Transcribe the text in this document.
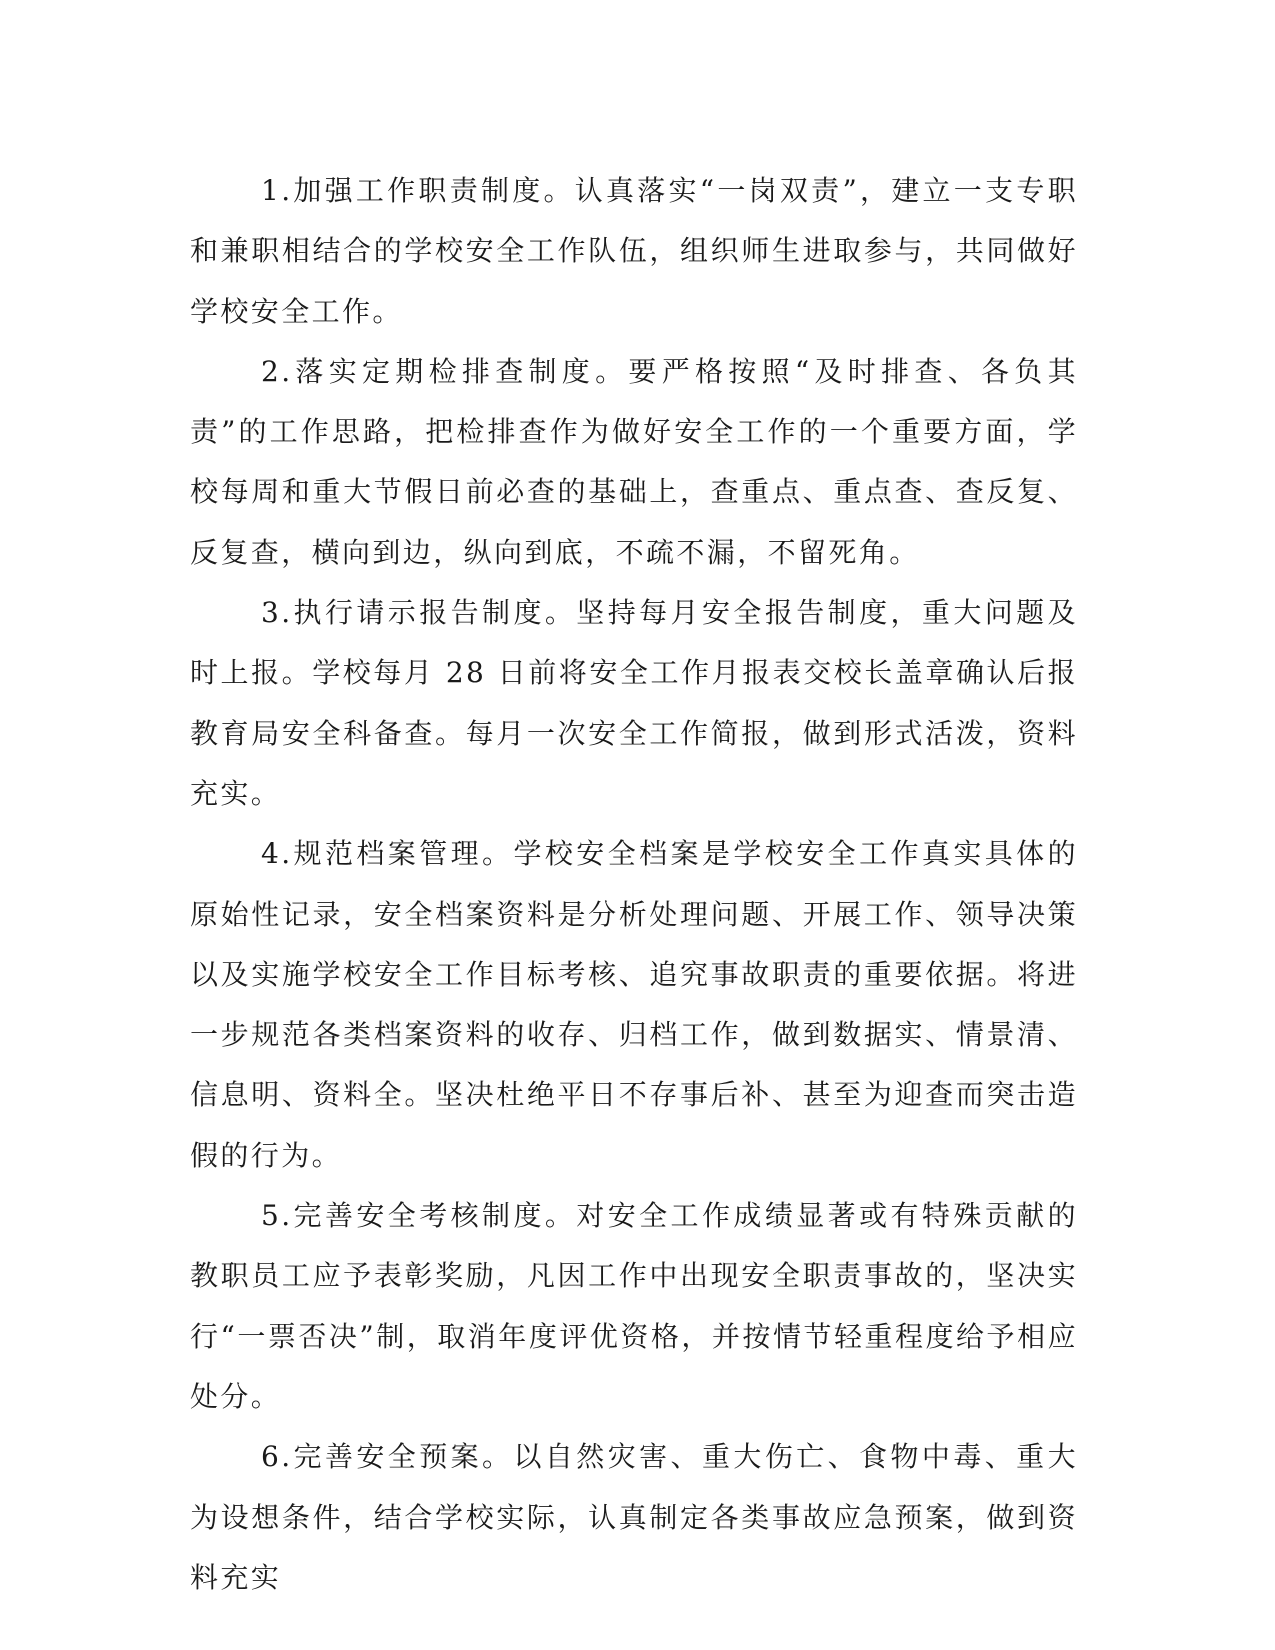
1.加强工作职责制度。认真落实“一岗双责”，建立一支专职和兼职相结合的学校安全工作队伍，组织师生进取参与，共同做好学校安全工作。

2.落实定期检排查制度。要严格按照“及时排查、各负其责”的工作思路，把检排查作为做好安全工作的一个重要方面，学校每周和重大节假日前必查的基础上，查重点、重点查、查反复、反复查，横向到边，纵向到底，不疏不漏，不留死角。

3.执行请示报告制度。坚持每月安全报告制度，重大问题及时上报。学校每月 28 日前将安全工作月报表交校长盖章确认后报教育局安全科备查。每月一次安全工作简报，做到形式活泼，资料充实。

4.规范档案管理。学校安全档案是学校安全工作真实具体的原始性记录，安全档案资料是分析处理问题、开展工作、领导决策以及实施学校安全工作目标考核、追究事故职责的重要依据。将进一步规范各类档案资料的收存、归档工作，做到数据实、情景清、信息明、资料全。坚决杜绝平日不存事后补、甚至为迎查而突击造假的行为。

5.完善安全考核制度。对安全工作成绩显著或有特殊贡献的教职员工应予表彰奖励，凡因工作中出现安全职责事故的，坚决实行“一票否决”制，取消年度评优资格，并按情节轻重程度给予相应处分。

6.完善安全预案。以自然灾害、重大伤亡、食物中毒、重大为设想条件，结合学校实际，认真制定各类事故应急预案，做到资料充实
